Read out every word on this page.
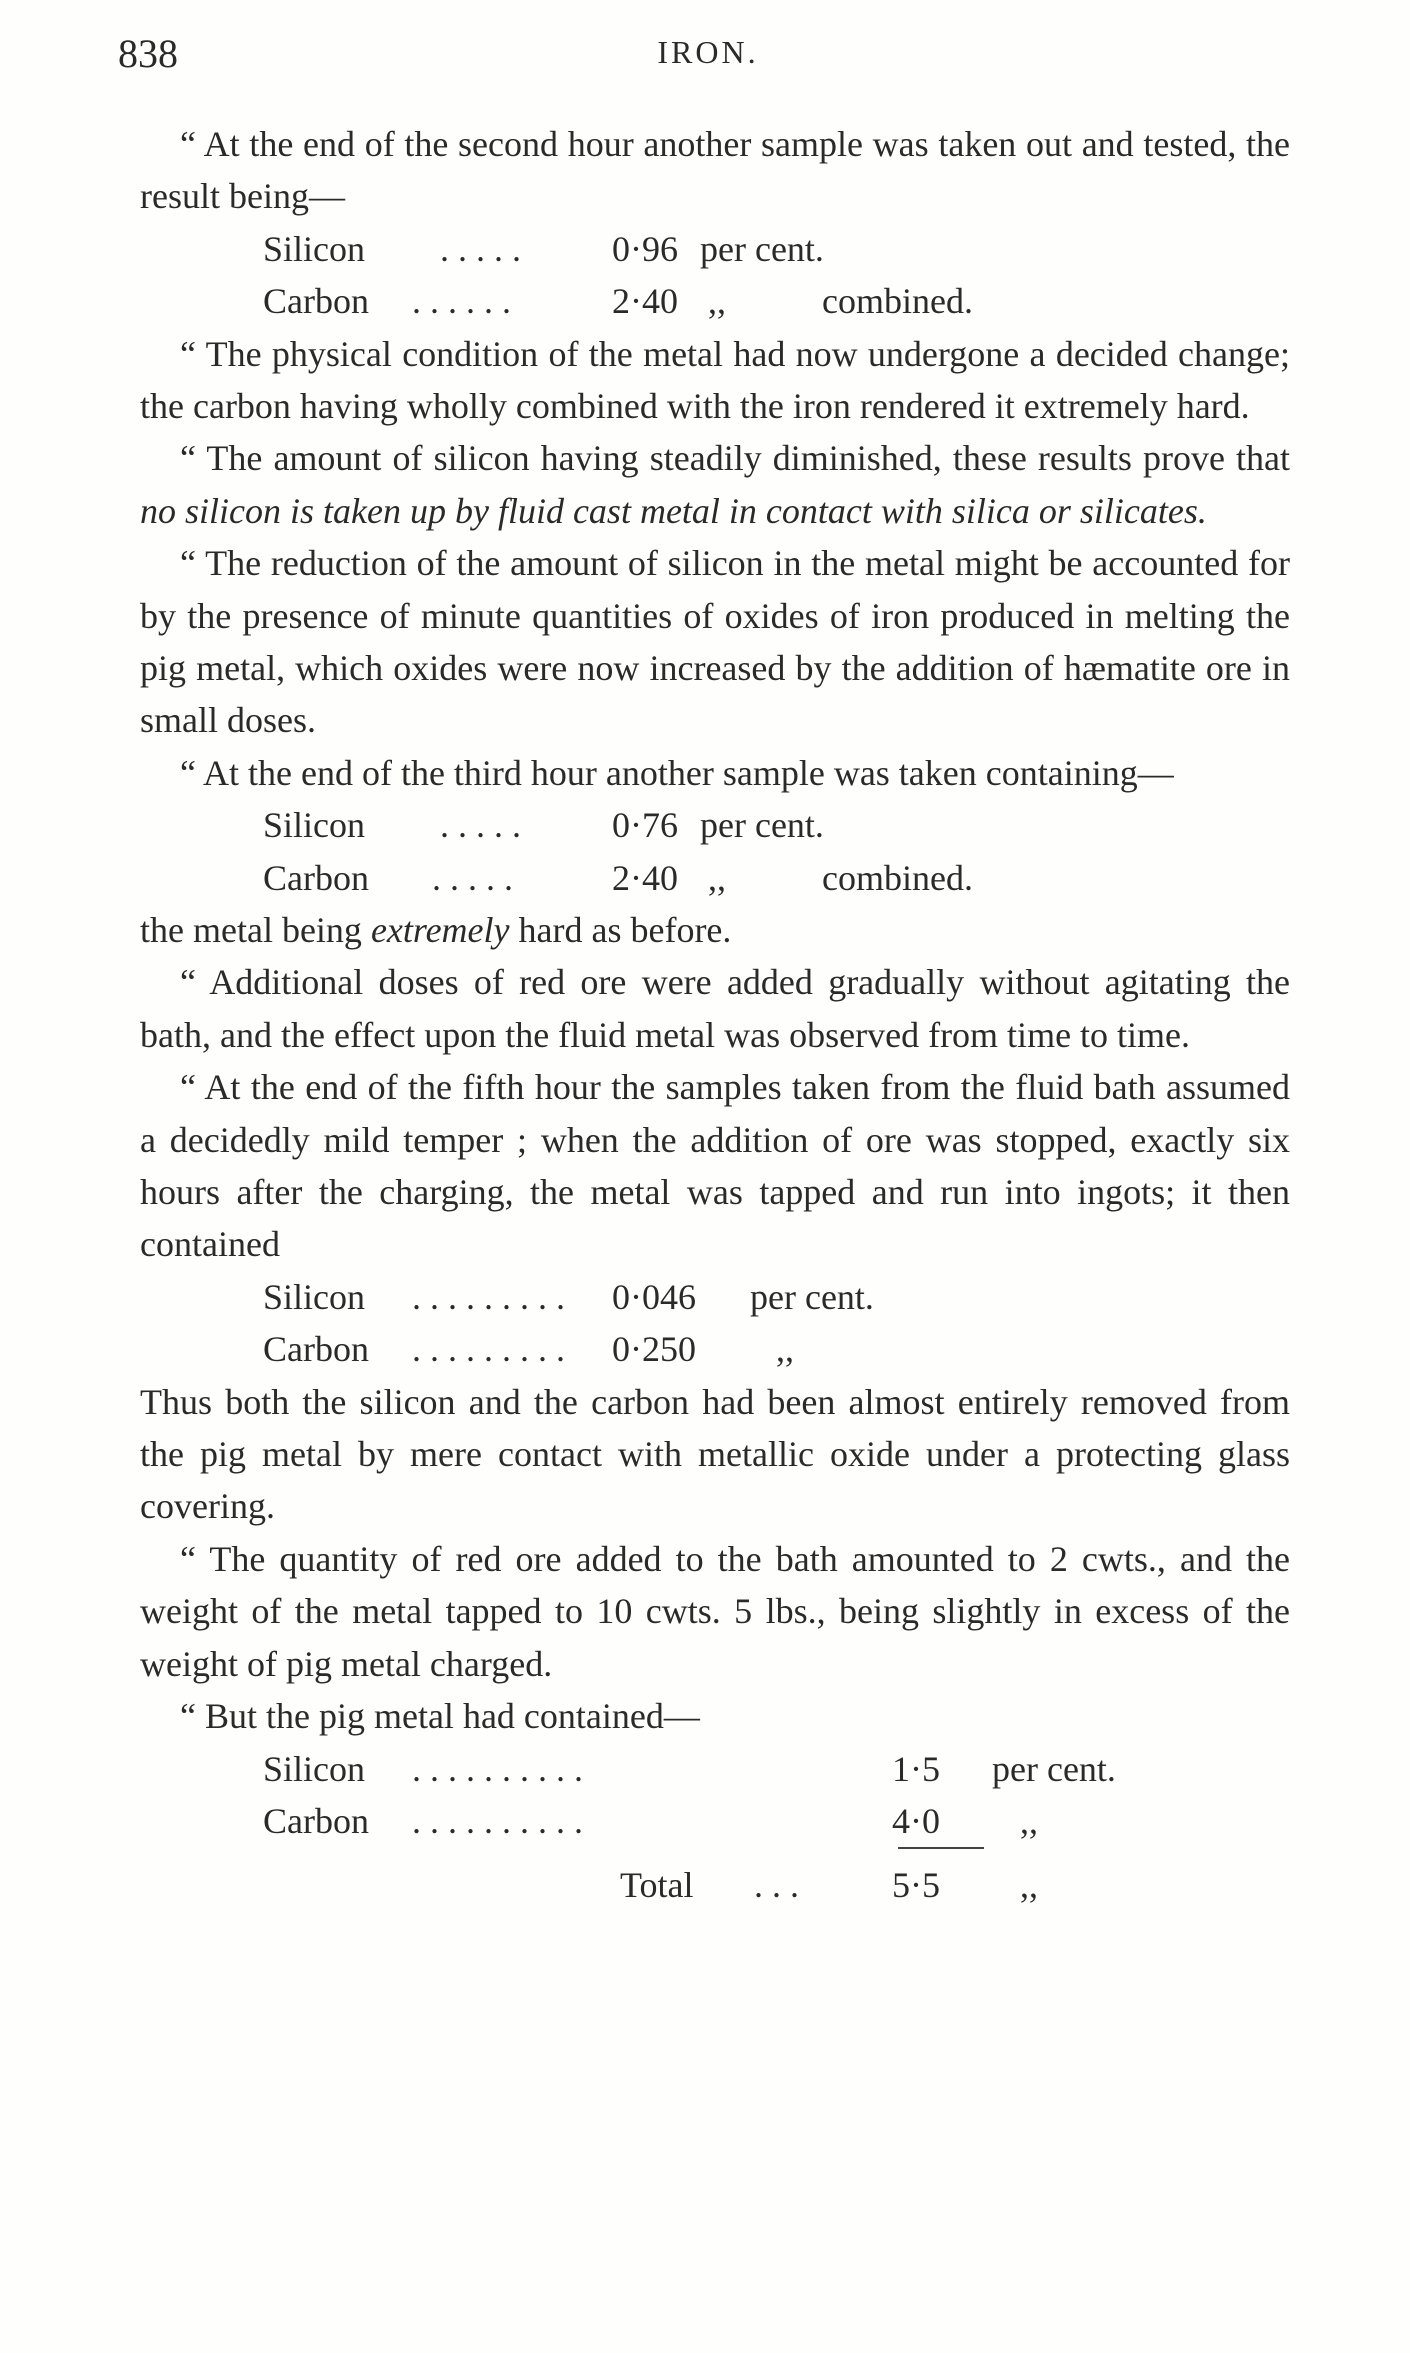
838	IRON.

“ At the end of the second hour another sample was taken out and tested, the result being—

Silicon . . . . .	0·96 per cent.
Carbon . . . . . .	2·40 ,,	combined.

“ The physical condition of the metal had now undergone a decided change; the carbon having wholly combined with the iron rendered it extremely hard.

“ The amount of silicon having steadily diminished, these results prove that no silicon is taken up by fluid cast metal in contact with silica or silicates.

“ The reduction of the amount of silicon in the metal might be accounted for by the presence of minute quantities of oxides of iron produced in melting the pig metal, which oxides were now increased by the addition of hæmatite ore in small doses.

“ At the end of the third hour another sample was taken containing—

Silicon . . . . .	0·76 per cent.
Carbon . . . . .	2·40 ,,	combined.

the metal being extremely hard as before.

“ Additional doses of red ore were added gradually without agitating the bath, and the effect upon the fluid metal was observed from time to time.

“ At the end of the fifth hour the samples taken from the fluid bath assumed a decidedly mild temper ; when the addition of ore was stopped, exactly six hours after the charging, the metal was tapped and run into ingots; it then contained

Silicon . . . . . . . . . 0·046 per cent.
Carbon . . . . . . . . . 0·250 ,,

Thus both the silicon and the carbon had been almost entirely removed from the pig metal by mere contact with metallic oxide under a protecting glass covering.

“ The quantity of red ore added to the bath amounted to 2 cwts., and the weight of the metal tapped to 10 cwts. 5 lbs., being slightly in excess of the weight of pig metal charged.

“ But the pig metal had contained—

Silicon . . . . . . . . . .	1·5 per cent.
Carbon . . . . . . . . . .	4·0 ,,
Total . . .	5·5 ,,
